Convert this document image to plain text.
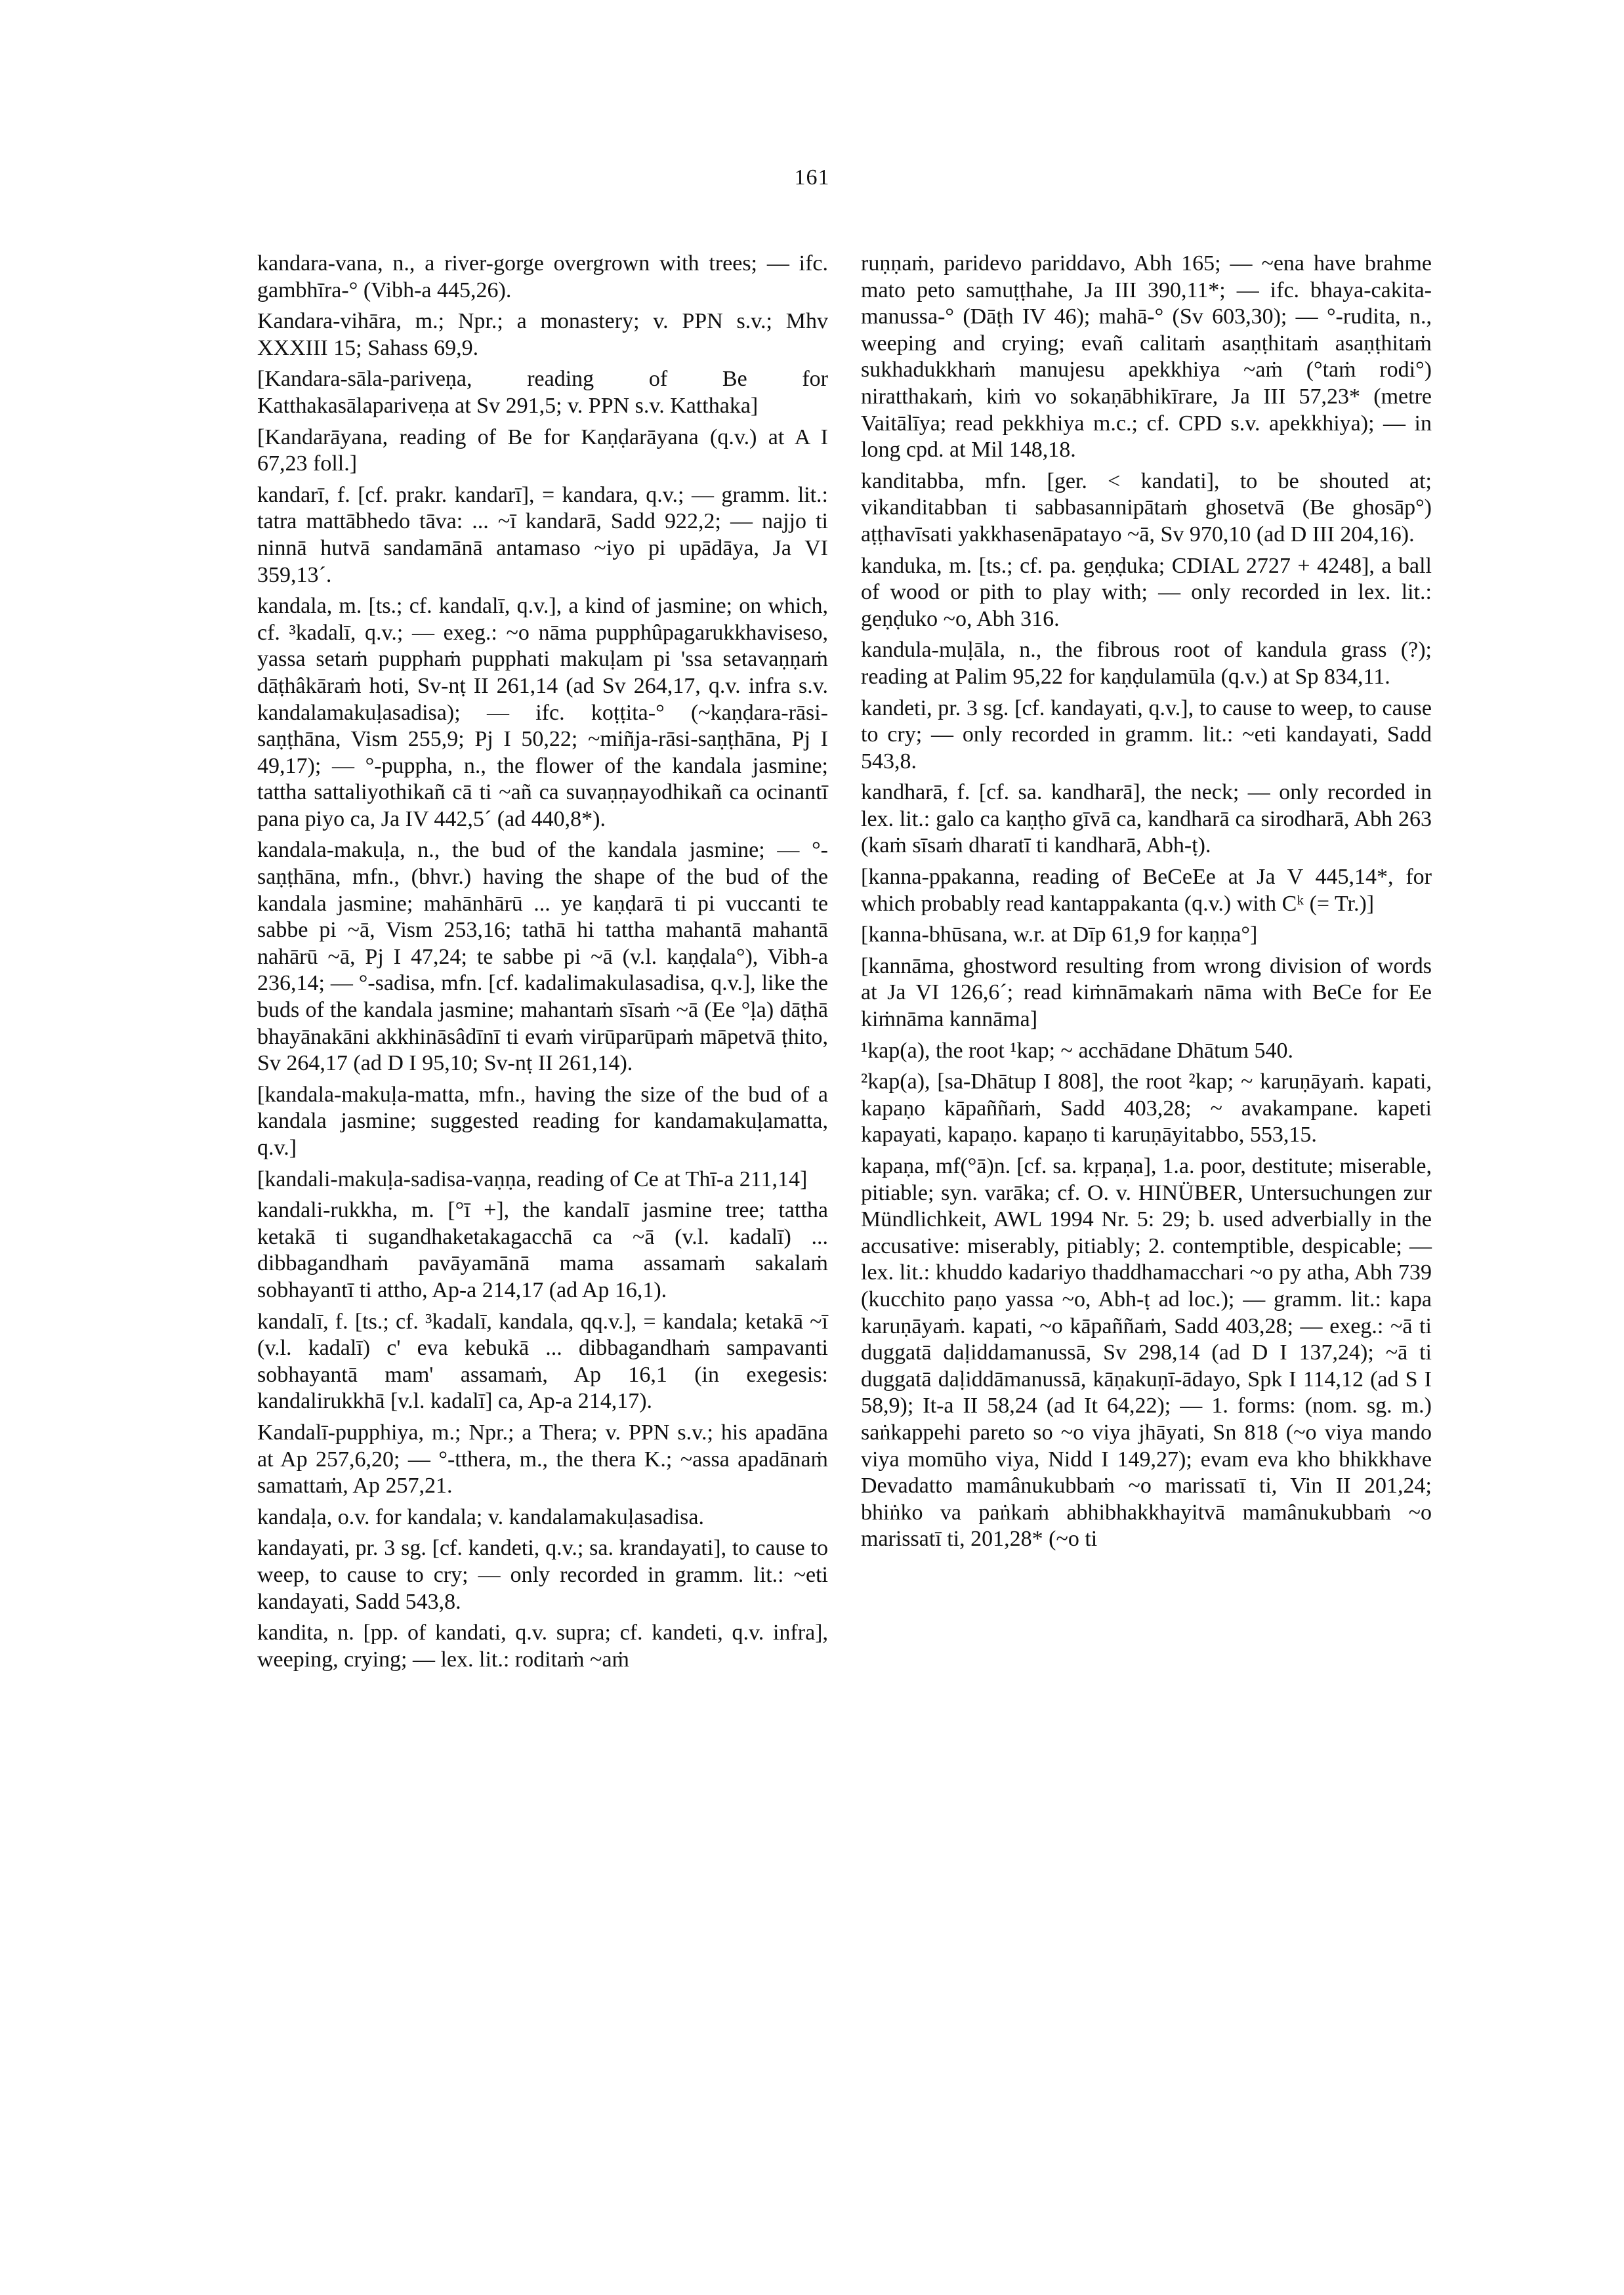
161

kandara-vana, n., a river-gorge overgrown with trees; — ifc. gambhīra-° (Vibh-a 445,26).

Kandara-vihāra, m.; Npr.; a monastery; v. PPN s.v.; Mhv XXXIII 15; Sahass 69,9.

[Kandara-sāla-pariveṇa, reading of Be for Katthakasālapariveṇa at Sv 291,5; v. PPN s.v. Katthaka]

[Kandarāyana, reading of Be for Kaṇḍarāyana (q.v.) at A I 67,23 foll.]

kandarī, f. [cf. prakr. kandarī], = kandara, q.v.; — gramm. lit.: tatra mattābhedo tāva: ... ~ī kandarā, Sadd 922,2; — najjo ti ninnā hutvā sandamānā antamaso ~iyo pi upādāya, Ja VI 359,13´.

kandala, m. [ts.; cf. kandalī, q.v.], a kind of jasmine; on which, cf. ³kadalī, q.v.; — exeg.: ~o nāma pupphûpagarukkhaviseso, yassa setaṁ pupphaṁ pupphati makuḷam pi 'ssa setavaṇṇaṁ dāṭhâkāraṁ hoti, Sv-nṭ II 261,14 (ad Sv 264,17, q.v. infra s.v. kandalamakuḷasadisa); — ifc. koṭṭita-° (~kaṇḍara-rāsi-saṇṭhāna, Vism 255,9; Pj I 50,22; ~miñja-rāsi-saṇṭhāna, Pj I 49,17); — °-puppha, n., the flower of the kandala jasmine; tattha sattaliyothikañ cā ti ~añ ca suvaṇṇayodhikañ ca ocinantī pana piyo ca, Ja IV 442,5´ (ad 440,8*).

kandala-makuḷa, n., the bud of the kandala jasmine; — °-saṇṭhāna, mfn., (bhvr.) having the shape of the bud of the kandala jasmine; mahānhārū ... ye kaṇḍarā ti pi vuccanti te sabbe pi ~ā, Vism 253,16; tathā hi tattha mahantā mahantā nahārū ~ā, Pj I 47,24; te sabbe pi ~ā (v.l. kaṇḍala°), Vibh-a 236,14; — °-sadisa, mfn. [cf. kadalimakulasadisa, q.v.], like the buds of the kandala jasmine; mahantaṁ sīsaṁ ~ā (Ee °ḷa) dāṭhā bhayānakāni akkhināsâdīnī ti evaṁ virūparūpaṁ māpetvā ṭhito, Sv 264,17 (ad D I 95,10; Sv-nṭ II 261,14).

[kandala-makuḷa-matta, mfn., having the size of the bud of a kandala jasmine; suggested reading for kandamakuḷamatta, q.v.]

[kandali-makuḷa-sadisa-vaṇṇa, reading of Ce at Thī-a 211,14]

kandali-rukkha, m. [°ī +], the kandalī jasmine tree; tattha ketakā ti sugandhaketakagacchā ca ~ā (v.l. kadalī) ... dibbagandhaṁ pavāyamānā mama assamaṁ sakalaṁ sobhayantī ti attho, Ap-a 214,17 (ad Ap 16,1).

kandalī, f. [ts.; cf. ³kadalī, kandala, qq.v.], = kandala; ketakā ~ī (v.l. kadalī) c' eva kebukā ... dibbagandhaṁ sampavanti sobhayantā mam' assamaṁ, Ap 16,1 (in exegesis: kandalirukkhā [v.l. kadalī] ca, Ap-a 214,17).

Kandalī-pupphiya, m.; Npr.; a Thera; v. PPN s.v.; his apadāna at Ap 257,6,20; — °-tthera, m., the thera K.; ~assa apadānaṁ samattaṁ, Ap 257,21.

kandaḷa, o.v. for kandala; v. kandalamakuḷasadisa.

kandayati, pr. 3 sg. [cf. kandeti, q.v.; sa. krandayati], to cause to weep, to cause to cry; — only recorded in gramm. lit.: ~eti kandayati, Sadd 543,8.

kandita, n. [pp. of kandati, q.v. supra; cf. kandeti, q.v. infra], weeping, crying; — lex. lit.: roditaṁ ~aṁ

ruṇṇaṁ, paridevo pariddavo, Abh 165; — ~ena have brahme mato peto samuṭṭhahe, Ja III 390,11*; — ifc. bhaya-cakita-manussa-° (Dāṭh IV 46); mahā-° (Sv 603,30); — °-rudita, n., weeping and crying; evañ calitaṁ asaṇṭhitaṁ asaṇṭhitaṁ sukhadukkhaṁ manujesu apekkhiya ~aṁ (°taṁ rodi°) niratthakaṁ, kiṁ vo sokaṇābhikīrare, Ja III 57,23* (metre Vaitālīya; read pekkhiya m.c.; cf. CPD s.v. apekkhiya); — in long cpd. at Mil 148,18.

kanditabba, mfn. [ger. < kandati], to be shouted at; vikanditabban ti sabbasannipātaṁ ghosetvā (Be ghosāp°) aṭṭhavīsati yakkhasenāpatayo ~ā, Sv 970,10 (ad D III 204,16).

kanduka, m. [ts.; cf. pa. geṇḍuka; CDIAL 2727 + 4248], a ball of wood or pith to play with; — only recorded in lex. lit.: geṇḍuko ~o, Abh 316.

kandula-muḷāla, n., the fibrous root of kandula grass (?); reading at Palim 95,22 for kaṇḍulamūla (q.v.) at Sp 834,11.

kandeti, pr. 3 sg. [cf. kandayati, q.v.], to cause to weep, to cause to cry; — only recorded in gramm. lit.: ~eti kandayati, Sadd 543,8.

kandharā, f. [cf. sa. kandharā], the neck; — only recorded in lex. lit.: galo ca kaṇṭho gīvā ca, kandharā ca sirodharā, Abh 263 (kaṁ sīsaṁ dharatī ti kandharā, Abh-ṭ).

[kanna-ppakanna, reading of BeCeEe at Ja V 445,14*, for which probably read kantappakanta (q.v.) with Cᵏ (= Tr.)]

[kanna-bhūsana, w.r. at Dīp 61,9 for kaṇṇa°]

[kannāma, ghostword resulting from wrong division of words at Ja VI 126,6´; read kiṁnāmakaṁ nāma with BeCe for Ee kiṁnāma kannāma]

¹kap(a), the root ¹kap; ~ acchādane Dhātum 540.

²kap(a), [sa-Dhātup I 808], the root ²kap; ~ karuṇāyaṁ. kapati, kapaṇo kāpaññaṁ, Sadd 403,28; ~ avakampane. kapeti kapayati, kapaṇo. kapaṇo ti karuṇāyitabbo, 553,15.

kapaṇa, mf(°ā)n. [cf. sa. kṛpaṇa], 1.a. poor, destitute; miserable, pitiable; syn. varāka; cf. O. v. HINÜBER, Untersuchungen zur Mündlichkeit, AWL 1994 Nr. 5: 29; b. used adverbially in the accusative: miserably, pitiably; 2. contemptible, despicable; — lex. lit.: khuddo kadariyo thaddhamacchari ~o py atha, Abh 739 (kucchito paṇo yassa ~o, Abh-ṭ ad loc.); — gramm. lit.: kapa karuṇāyaṁ. kapati, ~o kāpaññaṁ, Sadd 403,28; — exeg.: ~ā ti duggatā daḷiddamanussā, Sv 298,14 (ad D I 137,24); ~ā ti duggatā daḷiddāmanussā, kāṇakuṇī-ādayo, Spk I 114,12 (ad S I 58,9); It-a II 58,24 (ad It 64,22); — 1. forms: (nom. sg. m.) saṅkappehi pareto so ~o viya jhāyati, Sn 818 (~o viya mando viya momūho viya, Nidd I 149,27); evam eva kho bhikkhave Devadatto mamânukubbaṁ ~o marissatī ti, Vin II 201,24; bhiṅko va paṅkaṁ abhibhakkhayitvā mamânukubbaṁ ~o marissatī ti, 201,28* (~o ti
